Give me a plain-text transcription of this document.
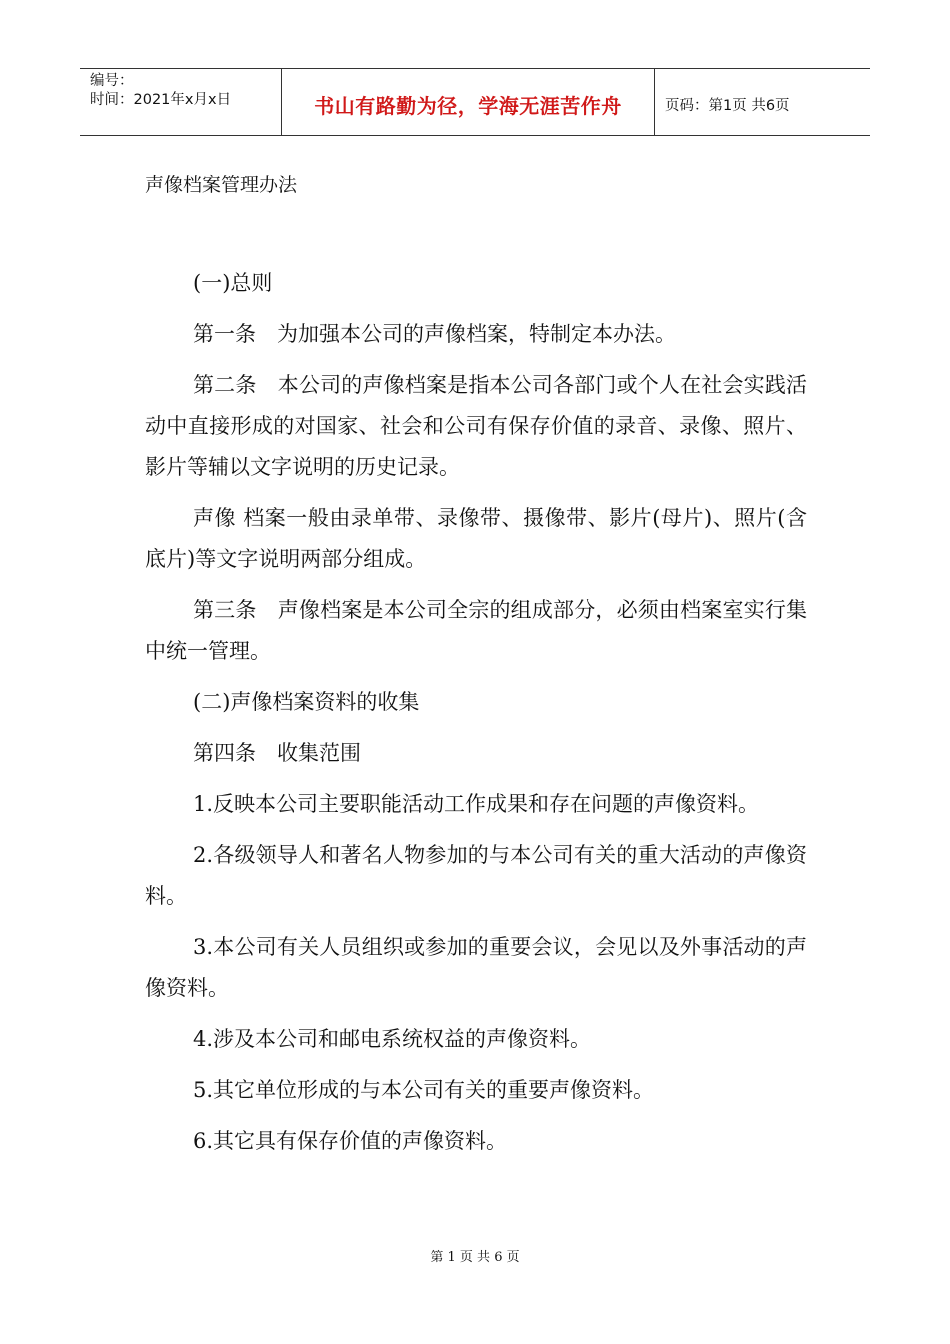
编号：
时间：2021年x月x日	书山有路勤为径，学海无涯苦作舟	页码：第1页 共6页
声像档案管理办法

(一)总则

第一条　为加强本公司的声像档案，特制定本办法。

第二条　本公司的声像档案是指本公司各部门或个人在社会实践活动中直接形成的对国家、社会和公司有保存价值的录音、录像、照片、影片等辅以文字说明的历史记录。

声像 档案一般由录单带、录像带、摄像带、影片(母片)、照片(含底片)等文字说明两部分组成。

第三条　声像档案是本公司全宗的组成部分，必须由档案室实行集中统一管理。

(二)声像档案资料的收集

第四条　收集范围

1.反映本公司主要职能活动工作成果和存在问题的声像资料。

2.各级领导人和著名人物参加的与本公司有关的重大活动的声像资料。

3.本公司有关人员组织或参加的重要会议，会见以及外事活动的声像资料。

4.涉及本公司和邮电系统权益的声像资料。

5.其它单位形成的与本公司有关的重要声像资料。

6.其它具有保存价值的声像资料。

第 1 页 共 6 页
